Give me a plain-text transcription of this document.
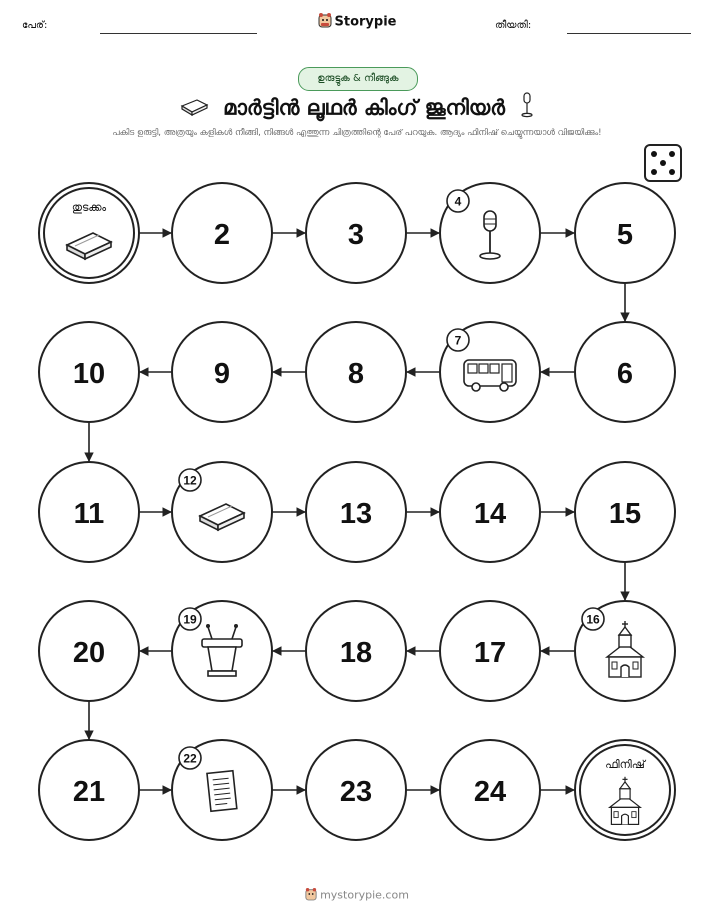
പേര്:	Storypie	തീയതി:
ഉരുട്ടുക & നീങ്ങുക
മാർട്ടിൻ ലൂഥർ കിംഗ് ജൂനിയർ
പകിട ഉരുട്ടി, അത്രയും കളികൾ നീങ്ങി, നിങ്ങൾ എത്തുന്ന ചിത്രത്തിന്റെ പേര് പറയുക. ആദ്യം ഫിനിഷ് ചെയ്യുന്നയാൾ വിജയിക്കും!
തുടക്കം
2	3
4
5
6
7
8
9
10
11
12
13	14	15
16
17
18
19
20
21
22
23	24
ഫിനിഷ്
mystorypie.com
